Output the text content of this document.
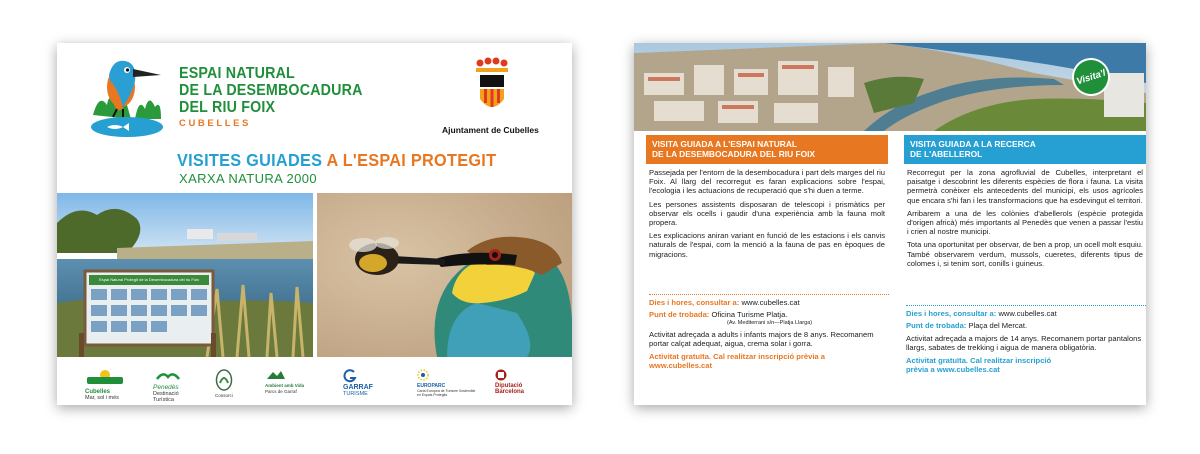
ESPAI NATURAL
DE LA DESEMBOCADURA
DEL RIU FOIX
CUBELLES
Ajuntament de Cubelles
VISITES GUIADES A L'ESPAI PROTEGIT
XARXA NATURA 2000
Espai Natural Protegit de la Desembocadura del riu Foix
Cubelles
Mar, sol i més
Penedès
Destinació Turística
Consorci
Ambient amb Vida
Parcs de Garraf
GARRAF
TURISME
EUROPARC
Carta Europea de Turisme Sostenible en Espais Protegits
Diputació
Barcelona
Visita'l
VISITA GUIADA A L'ESPAI NATURAL
DE LA DESEMBOCADURA DEL RIU FOIX

Passejada per l'entorn de la desembocadura i part dels marges del riu Foix. Al llarg del recorregut es faran explicacions sobre l'espai, l'ecologia i les actuacions de recuperació que s'hi duen a terme.

Les persones assistents disposaran de telescopi i prismàtics per observar els ocells i gaudir d'una experiència amb la fauna molt propera.

Les explicacions aniran variant en funció de les estacions i els canvis naturals de l'espai, com la menció a la fauna de pas en èpoques de migracions.

Dies i hores, consultar a: www.cubelles.cat

Punt de trobada: Oficina Turisme Platja.
(Av. Mediterrani s/n—Platja Llarga)

Activitat adreçada a adults i infants majors de 8 anys. Recomanem portar calçat adequat, aigua, crema solar i gorra.

Activitat gratuïta. Cal realitzar inscripció prèvia a
www.cubelles.cat

VISITA GUIADA A LA RECERCA
DE L'ABELLEROL

Recorregut per la zona agrofluvial de Cubelles, interpretant el paisatge i descobrint les diferents espècies de flora i fauna. La visita permetrà conèixer els antecedents del municipi, els usos agrícoles que encara s'hi fan i les transformacions que ha esdevingut el territori.

Arribarem a una de les colònies d'abellerols (espècie protegida d'origen africà) més importants al Penedès que venen a passar l'estiu i crien al nostre municipi.

Tota una oportunitat per observar, de ben a prop, un ocell molt esquiu. També observarem verdum, mussols, cueretes, diferents tipus de colomes i, si tenim sort, conills i guineus.

Dies i hores, consultar a: www.cubelles.cat

Punt de trobada: Plaça del Mercat.

Activitat adreçada a majors de 14 anys. Recomanem portar pantalons llargs, sabates de trekking i aigua de manera obligatòria.

Activitat gratuïta. Cal realitzar inscripció
prèvia a www.cubelles.cat
